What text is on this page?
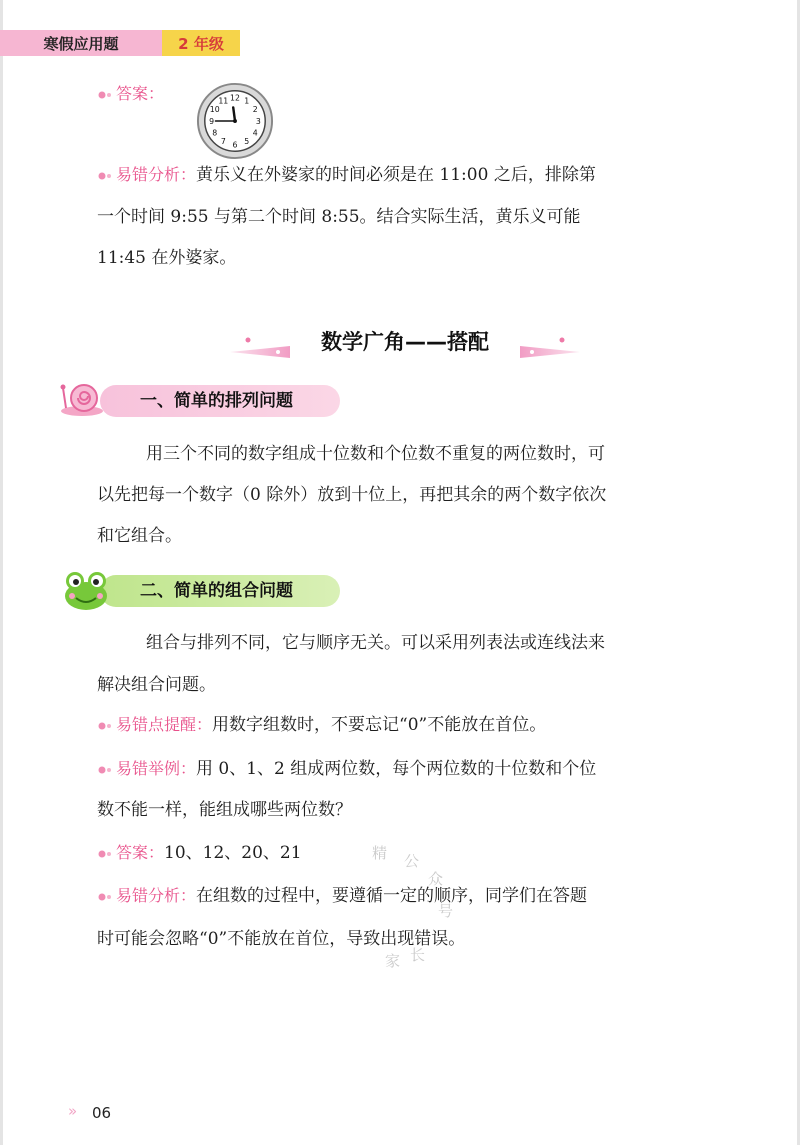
寒假应用题	2 年级
答案：	12 1
2
3
4
5
6
7
8
9
10
11
易错分析：黄乐义在外婆家的时间必须是在 11:00 之后，排除第
一个时间 9:55 与第二个时间 8:55。结合实际生活，黄乐义可能
11:45 在外婆家。
数学广角——搭配
一、简单的排列问题
用三个不同的数字组成十位数和个位数不重复的两位数时，可
以先把每一个数字（0 除外）放到十位上，再把其余的两个数字依次
和它组合。
二、简单的组合问题
组合与排列不同，它与顺序无关。可以采用列表法或连线法来
解决组合问题。
易错点提醒：用数字组数时，不要忘记“0”不能放在首位。
易错举例：用 0、1、2 组成两位数，每个两位数的十位数和个位
数不能一样，能组成哪些两位数？
答案：10、12、20、21
易错分析：在组数的过程中，要遵循一定的顺序，同学们在答题
时可能会忽略“0”不能放在首位，导致出现错误。
精 公
众
号
家 长
» 06
